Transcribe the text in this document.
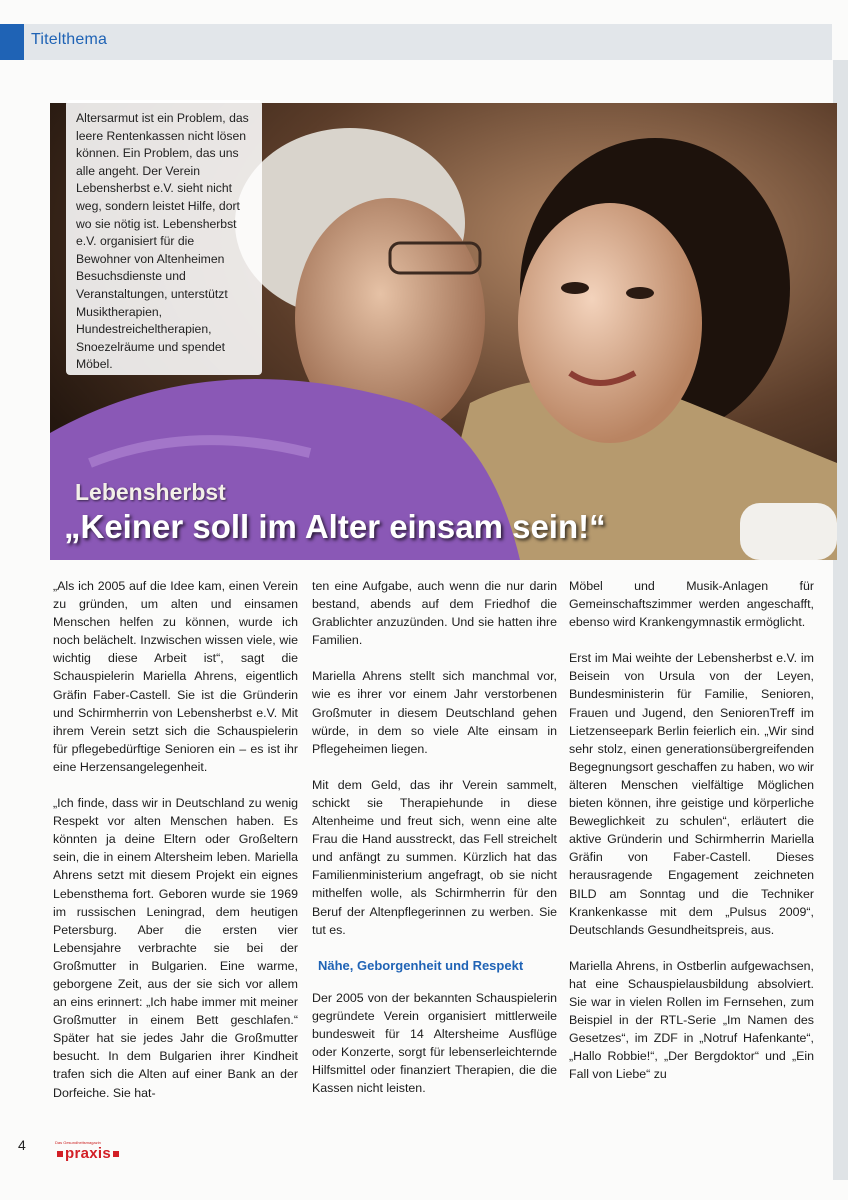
Titelthema

Altersarmut ist ein Problem, das leere Rentenkassen nicht lösen können. Ein Problem, das uns alle angeht. Der Verein Lebensherbst e.V. sieht nicht weg, sondern leistet Hilfe, dort wo sie nötig ist. Lebensherbst e.V. organisiert für die Bewohner von Altenheimen Besuchsdienste und Veranstaltungen, unterstützt Musiktherapien, Hundestreicheltherapien, Snoezelräume und spendet Möbel.

Lebensherbst
„Keiner soll im Alter einsam sein!“

„Als ich 2005 auf die Idee kam, einen Verein zu gründen, um alten und einsamen Menschen helfen zu können, wurde ich noch belächelt. Inzwischen wissen viele, wie wichtig diese Arbeit ist“, sagt die Schauspielerin Mariella Ahrens, eigentlich Gräfin Faber-Castell. Sie ist die Gründerin und Schirmherrin von Lebensherbst e.V. Mit ihrem Verein setzt sich die Schauspielerin für pflegebedürftige Senioren ein – es ist ihr eine Herzensangelegenheit.

„Ich finde, dass wir in Deutschland zu wenig Respekt vor alten Menschen haben. Es könnten ja deine Eltern oder Großeltern sein, die in einem Altersheim leben. Mariella Ahrens setzt mit diesem Projekt ein eignes Lebensthema fort. Geboren wurde sie 1969 im russischen Leningrad, dem heutigen Petersburg. Aber die ersten vier Lebensjahre verbrachte sie bei der Großmutter in Bulgarien. Eine warme, geborgene Zeit, aus der sie sich vor allem an eins erinnert: „Ich habe immer mit meiner Großmutter in einem Bett geschlafen.“ Später hat sie jedes Jahr die Großmutter besucht. In dem Bulgarien ihrer Kindheit trafen sich die Alten auf einer Bank an der Dorfeiche. Sie hat-

ten eine Aufgabe, auch wenn die nur darin bestand, abends auf dem Friedhof die Grablichter anzuzünden. Und sie hatten ihre Familien.

Mariella Ahrens stellt sich manchmal vor, wie es ihrer vor einem Jahr verstorbenen Großmuter in diesem Deutschland gehen würde, in dem so viele Alte einsam in Pflegeheimen liegen.

Mit dem Geld, das ihr Verein sammelt, schickt sie Therapiehunde in diese Altenheime und freut sich, wenn eine alte Frau die Hand ausstreckt, das Fell streichelt und anfängt zu summen. Kürzlich hat das Familienministerium angefragt, ob sie nicht mithelfen wolle, als Schirmherrin für den Beruf der Altenpflegerinnen zu werben. Sie tut es.

Nähe, Geborgenheit und Respekt

Der 2005 von der bekannten Schauspielerin gegründete Verein organisiert mittlerweile bundesweit für 14 Altersheime Ausflüge oder Konzerte, sorgt für lebenserleichternde Hilfsmittel oder finanziert Therapien, die die Kassen nicht leisten.

Möbel und Musik-Anlagen für Gemeinschaftszimmer werden angeschafft, ebenso wird Krankengymnastik ermöglicht.

Erst im Mai weihte der Lebensherbst e.V. im Beisein von Ursula von der Leyen, Bundesministerin für Familie, Senioren, Frauen und Jugend, den SeniorenTreff im Lietzenseepark Berlin feierlich ein. „Wir sind sehr stolz, einen generationsübergreifenden Begegnungsort geschaffen zu haben, wo wir älteren Menschen vielfältige Möglichen bieten können, ihre geistige und körperliche Beweglichkeit zu schulen“, erläutert die aktive Gründerin und Schirmherrin Mariella Gräfin von Faber-Castell. Dieses herausragende Engagement zeichneten BILD am Sonntag und die Techniker Krankenkasse mit dem „Pulsus 2009“, Deutschlands Gesundheitspreis, aus.

Mariella Ahrens, in Ostberlin aufgewachsen, hat eine Schauspielausbildung absolviert. Sie war in vielen Rollen im Fernsehen, zum Beispiel in der RTL-Serie „Im Namen des Gesetzes“, im ZDF in „Notruf Hafenkante“, „Hallo Robbie!“, „Der Bergdoktor“ und „Ein Fall von Liebe“ zu

4	Das Gesundheitsmagazin
praxis
